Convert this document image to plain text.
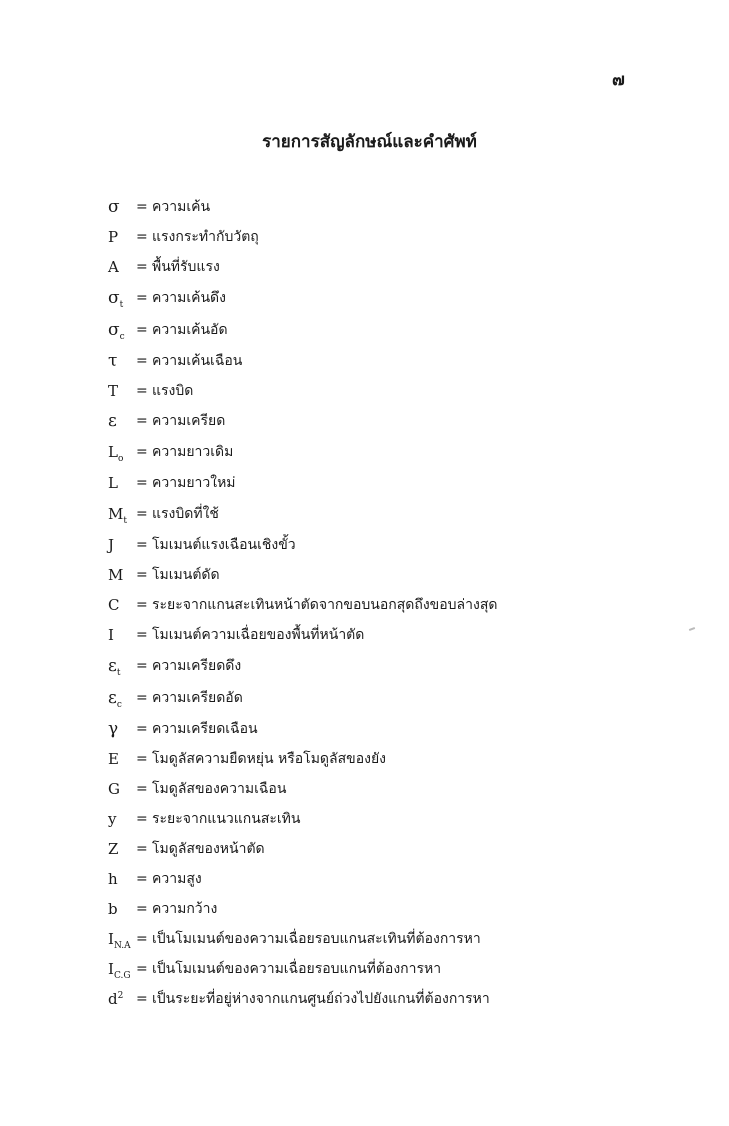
๗
รายการสัญลักษณ์และคำศัพท์
σ = ความเค้น
P = แรงกระทำกับวัตถุ
A = พื้นที่รับแรง
$\sigma_t$ = ความเค้นดึง
$\sigma_c$ = ความเค้นอัด
τ = ความเค้นเฉือน
T = แรงบิด
ε = ความเครียด
$L_o$ = ความยาวเดิม
L = ความยาวใหม่
$M_t$ = แรงบิดที่ใช้
J = โมเมนต์แรงเฉือนเชิงขั้ว
M = โมเมนต์ดัด
C = ระยะจากแกนสะเทินหน้าตัดจากขอบนอกสุดถึงขอบล่างสุด
I = โมเมนต์ความเฉื่อยของพื้นที่หน้าตัด
$\varepsilon_t$ = ความเครียดดึง
$\varepsilon_c$ = ความเครียดอัด
γ = ความเครียดเฉือน
E = โมดูลัสความยืดหยุ่น หรือโมดูลัสของยัง
G = โมดูลัสของความเฉือน
y = ระยะจากแนวแกนสะเทิน
Z = โมดูลัสของหน้าตัด
h = ความสูง
b = ความกว้าง
$I_{N.A}$ = เป็นโมเมนต์ของความเฉื่อยรอบแกนสะเทินที่ต้องการหา
$I_{C.G}$ = เป็นโมเมนต์ของความเฉื่อยรอบแกนที่ต้องการหา
$d^2$ = เป็นระยะที่อยู่ห่างจากแกนศูนย์ถ่วงไปยังแกนที่ต้องการหา
